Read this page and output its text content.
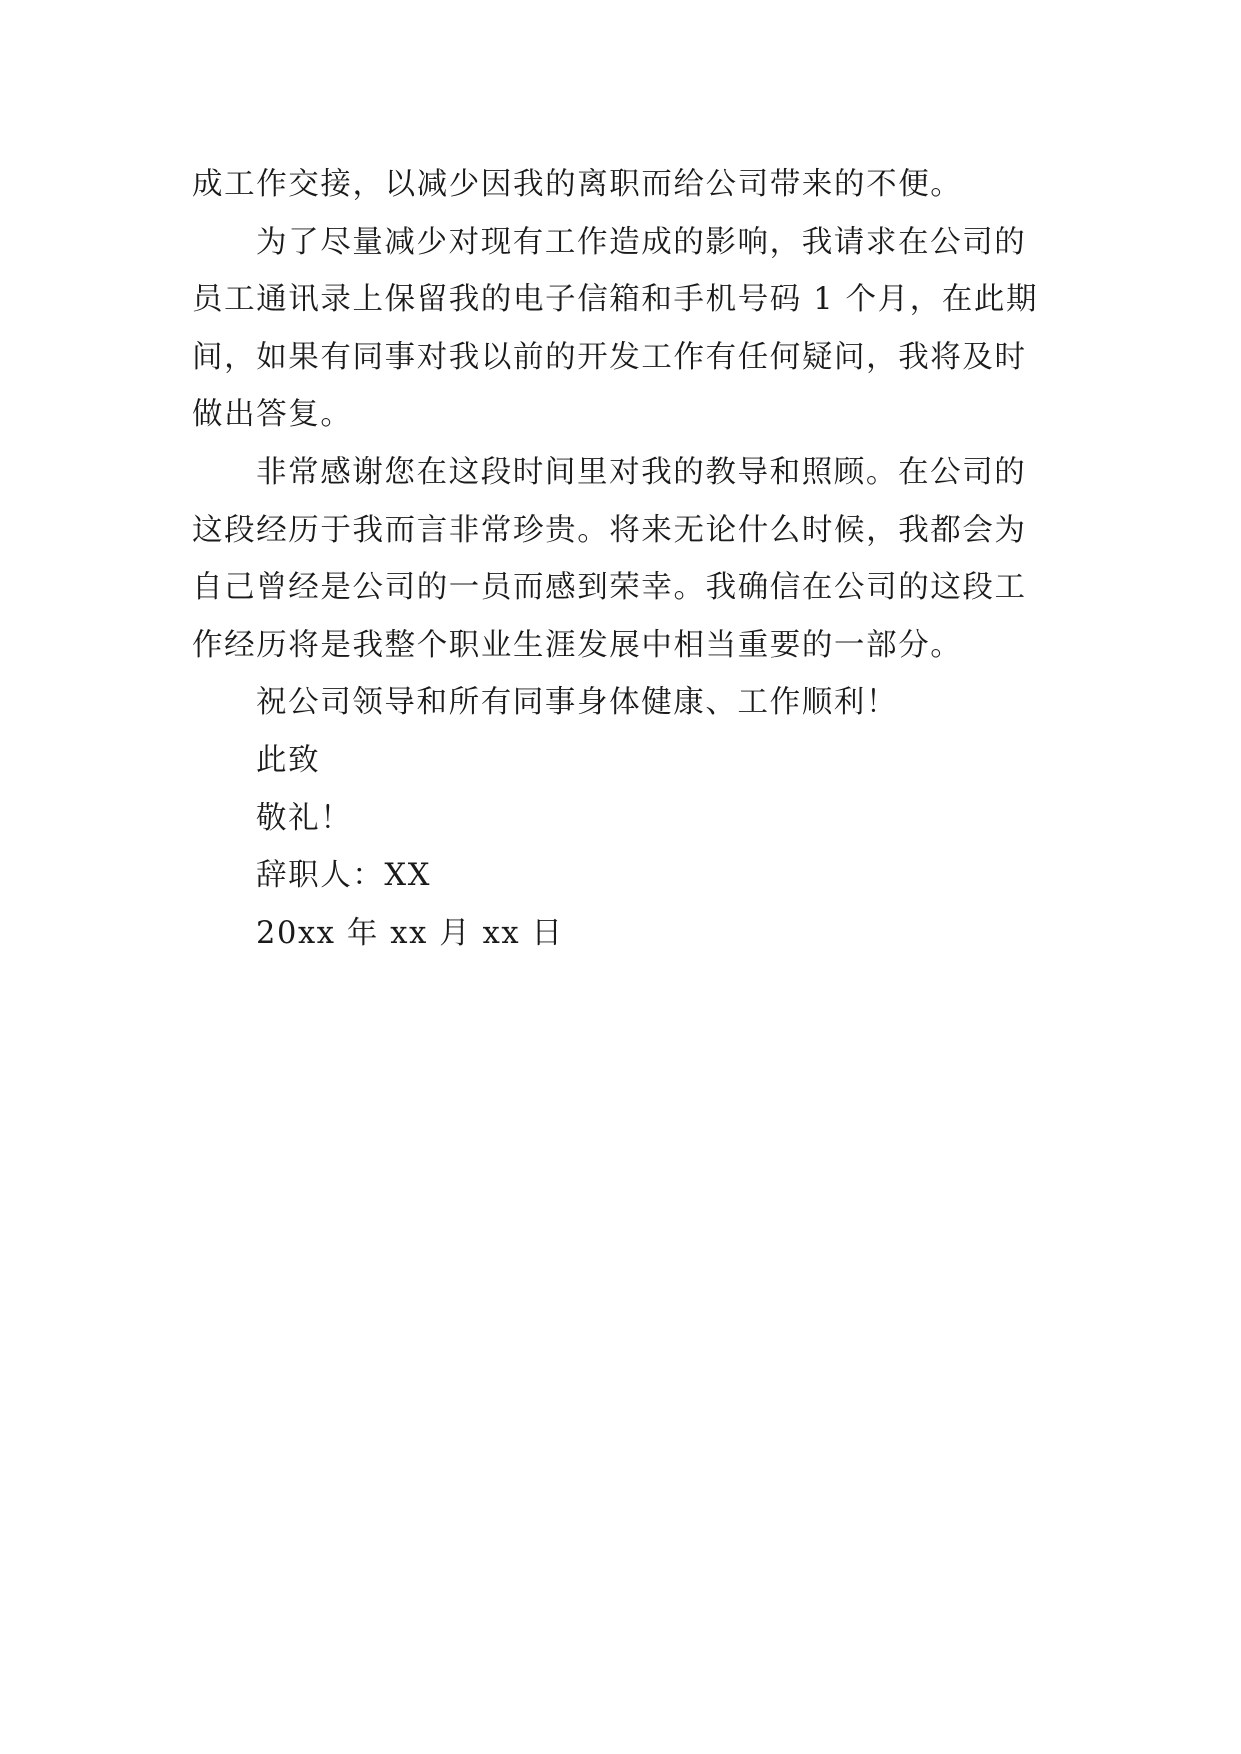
成工作交接，以减少因我的离职而给公司带来的不便。
为了尽量减少对现有工作造成的影响，我请求在公司的
员工通讯录上保留我的电子信箱和手机号码 1 个月，在此期
间，如果有同事对我以前的开发工作有任何疑问，我将及时
做出答复。
非常感谢您在这段时间里对我的教导和照顾。在公司的
这段经历于我而言非常珍贵。将来无论什么时候，我都会为
自己曾经是公司的一员而感到荣幸。我确信在公司的这段工
作经历将是我整个职业生涯发展中相当重要的一部分。
祝公司领导和所有同事身体健康、工作顺利！
此致
敬礼！
辞职人：XX
20xx 年 xx 月 xx 日
